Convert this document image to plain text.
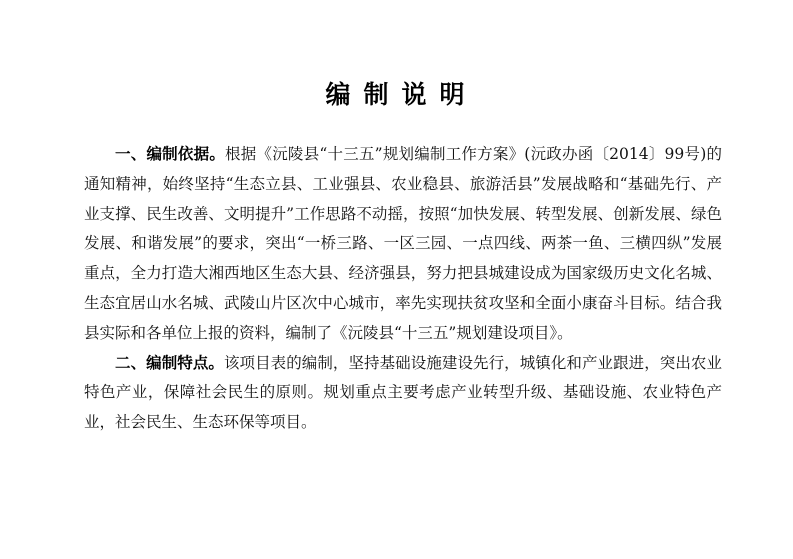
编制说明

一、编制依据。根据《沅陵县“十三五”规划编制工作方案》(沅政办函〔2014〕99号)的通知精神，始终坚持“生态立县、工业强县、农业稳县、旅游活县”发展战略和“基础先行、产业支撑、民生改善、文明提升”工作思路不动摇，按照“加快发展、转型发展、创新发展、绿色发展、和谐发展”的要求，突出“一桥三路、一区三园、一点四线、两茶一鱼、三横四纵”发展重点，全力打造大湘西地区生态大县、经济强县，努力把县城建设成为国家级历史文化名城、生态宜居山水名城、武陵山片区次中心城市，率先实现扶贫攻坚和全面小康奋斗目标。结合我县实际和各单位上报的资料，编制了《沅陵县“十三五”规划建设项目》。

二、编制特点。该项目表的编制，坚持基础设施建设先行，城镇化和产业跟进，突出农业特色产业，保障社会民生的原则。规划重点主要考虑产业转型升级、基础设施、农业特色产业，社会民生、生态环保等项目。
